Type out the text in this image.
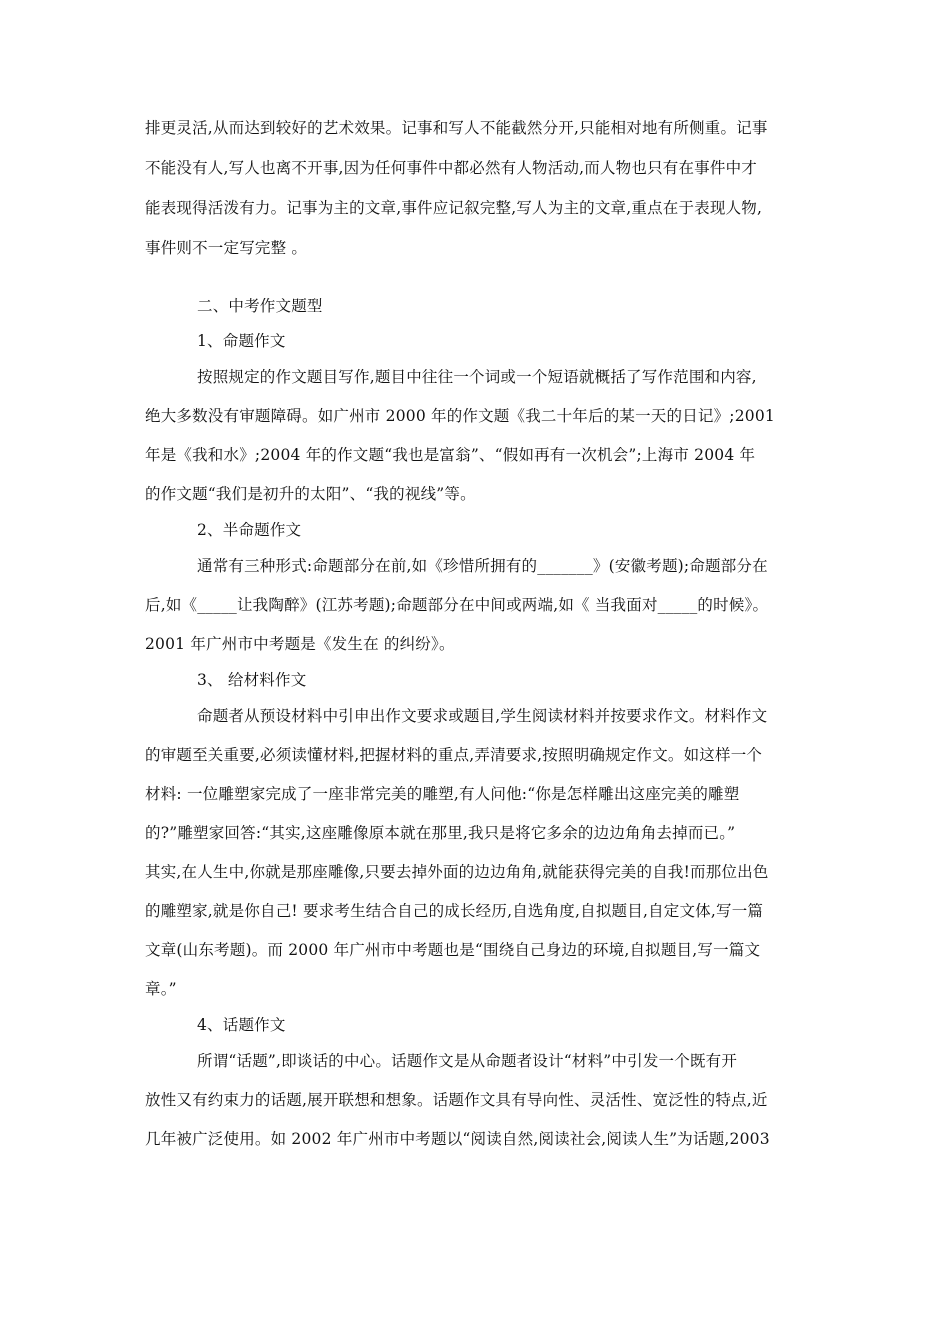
排更灵活,从而达到较好的艺术效果。记事和写人不能截然分开,只能相对地有所侧重。记事
不能没有人,写人也离不开事,因为任何事件中都必然有人物活动,而人物也只有在事件中才
能表现得活泼有力。记事为主的文章,事件应记叙完整,写人为主的文章,重点在于表现人物,
事件则不一定写完整 。
二、中考作文题型
1、命题作文
按照规定的作文题目写作,题目中往往一个词或一个短语就概括了写作范围和内容,
绝大多数没有审题障碍。如广州市 2000 年的作文题《我二十年后的某一天的日记》;2001
年是《我和水》;2004 年的作文题“我也是富翁”、“假如再有一次机会”;上海市 2004 年
的作文题“我们是初升的太阳”、“我的视线”等。
2、半命题作文
通常有三种形式:命题部分在前,如《珍惜所拥有的_______》(安徽考题);命题部分在
后,如《_____让我陶醉》(江苏考题);命题部分在中间或两端,如《 当我面对_____的时候》。
2001 年广州市中考题是《发生在 的纠纷》。
3、 给材料作文
命题者从预设材料中引申出作文要求或题目,学生阅读材料并按要求作文。材料作文
的审题至关重要,必须读懂材料,把握材料的重点,弄清要求,按照明确规定作文。如这样一个
材料: 一位雕塑家完成了一座非常完美的雕塑,有人问他:“你是怎样雕出这座完美的雕塑
的?”雕塑家回答:“其实,这座雕像原本就在那里,我只是将它多余的边边角角去掉而已。”
其实,在人生中,你就是那座雕像,只要去掉外面的边边角角,就能获得完美的自我!而那位出色
的雕塑家,就是你自己! 要求考生结合自己的成长经历,自选角度,自拟题目,自定文体,写一篇
文章(山东考题)。而 2000 年广州市中考题也是“围绕自己身边的环境,自拟题目,写一篇文
章。”
4、话题作文
所谓“话题”,即谈话的中心。话题作文是从命题者设计“材料”中引发一个既有开
放性又有约束力的话题,展开联想和想象。话题作文具有导向性、灵活性、宽泛性的特点,近
几年被广泛使用。如 2002 年广州市中考题以“阅读自然,阅读社会,阅读人生”为话题,2003
